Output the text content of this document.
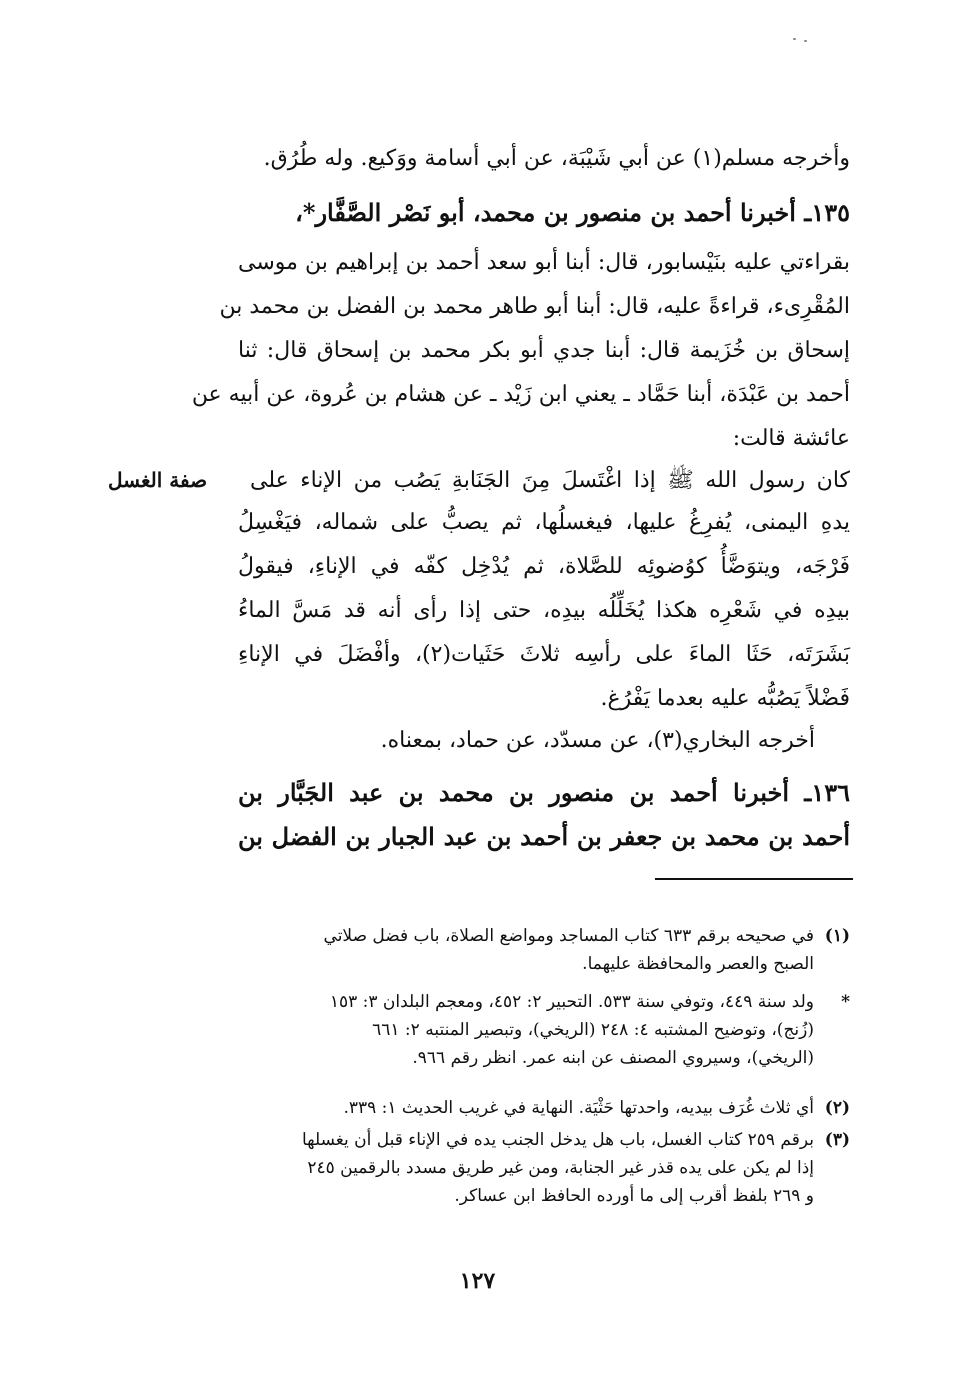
وأخرجه مسلم(١) عن أبي شَيْبَة، عن أبي أسامة ووَكيع. وله طُرُق.
١٣٥ـ أخبرنا أحمد بن منصور بن محمد، أبو نَصْر الصَّفَّار*،
بقراءتي عليه بنَيْسابور، قال: أبنا أبو سعد أحمد بن إبراهيم بن موسى
المُقْرِىء، قراءةً عليه، قال: أبنا أبو طاهر محمد بن الفضل بن محمد بن
إسحاق بن خُزَيمة قال: أبنا جدي أبو بكر محمد بن إسحاق قال: ثنا
أحمد بن عَبْدَة، أبنا حَمَّاد ـ يعني ابن زَيْد ـ عن هشام بن عُروة، عن أبيه عن
عائشة قالت:
صفة الغسل كان رسول الله ﷺ إذا اغْتَسلَ مِنَ الجَنَابةِ يَصُب من الإناء على
يدهِ اليمنى، يُفرِغُ عليها، فيغسلُها، ثم يصبُّ على شماله، فيَغْسِلُ
فَرْجَه، ويتوَضَّأُ كوُضوئِه للصَّلاة، ثم يُدْخِل كفّه في الإناءِ، فيقولُ
بيدِه في شَعْرِه هكذا يُخَلِّلُه بيدِه، حتى إذا رأى أنه قد مَسَّ الماءُ
بَشَرَتَه، حَثَا الماءَ على رأسِه ثلاثَ حَثَيات(٢)، وأفْضَلَ في الإناءِ
فَضْلاً يَصُبُّه عليه بعدما يَفْرُغ.
أخرجه البخاري(٣)، عن مسدّد، عن حماد، بمعناه.
١٣٦ـ أخبرنا أحمد بن منصور بن محمد بن عبد الجَبَّار بن
أحمد بن محمد بن جعفر بن أحمد بن عبد الجبار بن الفضل بن
(١)
في صحيحه برقم ٦٣٣ كتاب المساجد ومواضع الصلاة، باب فضل صلاتي
الصبح والعصر والمحافظة عليهما.
*
ولد سنة ٤٤٩، وتوفي سنة ٥٣٣. التحبير ٢: ٤٥٢، ومعجم البلدان ٣: ١٥٣
(زُنج)، وتوضيح المشتبه ٤: ٢٤٨ (الريخي)، وتبصير المنتبه ٢: ٦٦١
(الريخي)، وسيروي المصنف عن ابنه عمر. انظر رقم ٩٦٦.
(٢)
أي ثلاث غُرَف بيديه، واحدتها حَثْيَة. النهاية في غريب الحديث ١: ٣٣٩.
(٣)
برقم ٢٥٩ كتاب الغسل، باب هل يدخل الجنب يده في الإناء قبل أن يغسلها
إذا لم يكن على يده قذر غير الجنابة، ومن غير طريق مسدد بالرقمين ٢٤٥
و ٢٦٩ بلفظ أقرب إلى ما أورده الحافظ ابن عساكر.
١٢٧
